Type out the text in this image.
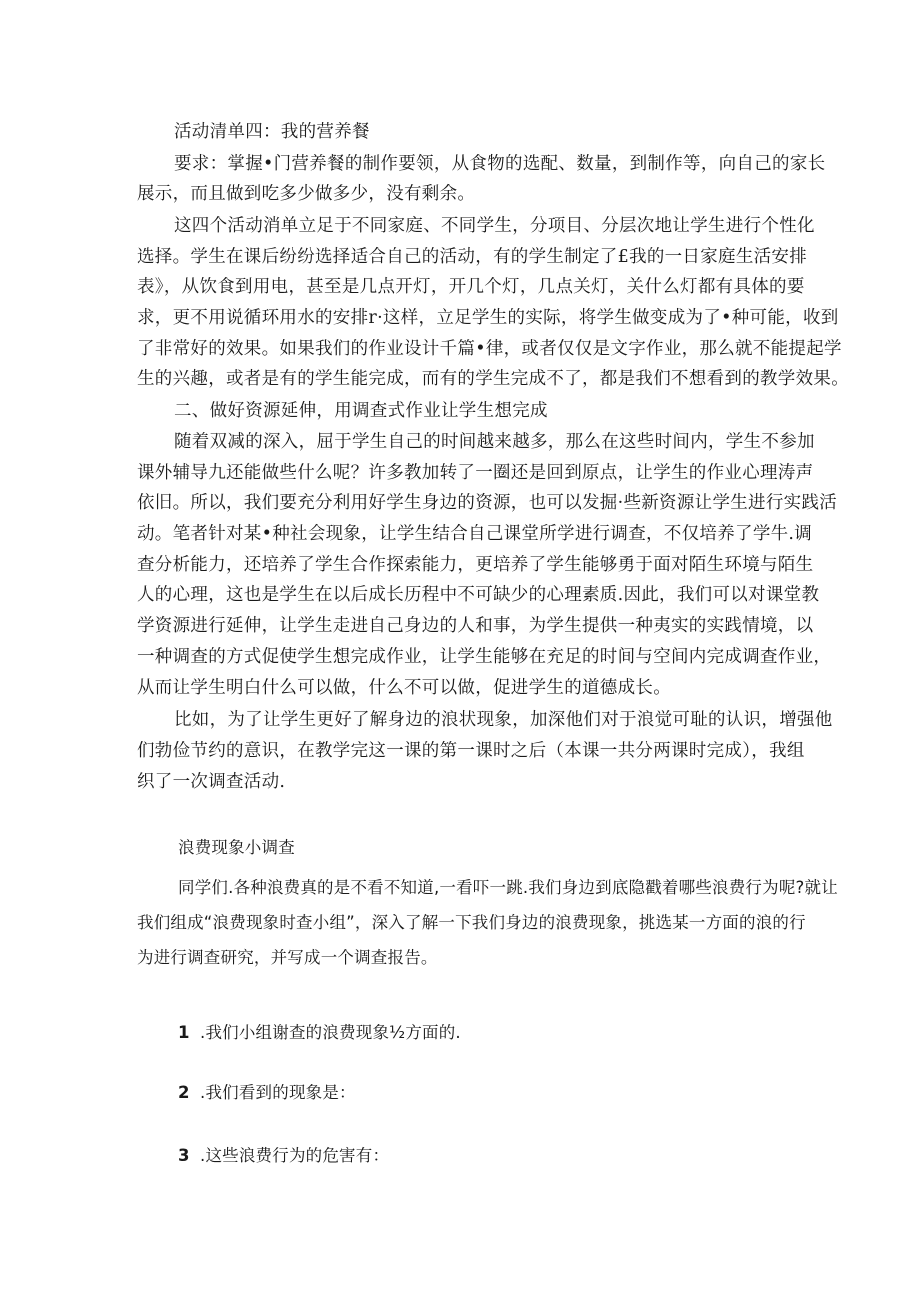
活动清单四：我的营养餐
要求：掌握•门营养餐的制作要领，从食物的选配、数量，到制作等，向自己的家长
展示，而且做到吃多少做多少，没有剩余。
这四个活动消单立足于不同家庭、不同学生，分项目、分层次地让学生进行个性化
选择。学生在课后纷纷选择适合自己的活动，有的学生制定了£我的一日家庭生活安排
表》，从饮食到用电，甚至是几点开灯，开几个灯，几点关灯，关什么灯都有具体的要
求，更不用说循环用水的安排r·这样，立足学生的实际，将学生做变成为了•种可能，收到
了非常好的效果。如果我们的作业设计千篇•律，或者仅仅是文字作业，那么就不能提起学
生的兴趣，或者是有的学生能完成，而有的学生完成不了，都是我们不想看到的教学效果。
二、做好资源延伸，用调查式作业让学生想完成
随着双减的深入，屈于学生自己的时间越来越多，那么在这些时间内，学生不参加
课外辅导九还能做些什么呢？许多教加转了一圈还是回到原点，让学生的作业心理涛声
依旧。所以，我们要充分利用好学生身边的资源，也可以发掘·些新资源让学生进行实践活
动。笔者针对某•种社会现象，让学生结合自己课堂所学进行调查，不仅培养了学牛.调
查分析能力，还培养了学生合作探索能力，更培养了学生能够勇于面对陌生环境与陌生
人的心理，这也是学生在以后成长历程中不可缺少的心理素质.因此，我们可以对课堂教
学资源进行延伸，让学生走进自己身边的人和事，为学生提供一种夷实的实践情境，以
一种调查的方式促使学生想完成作业，让学生能够在充足的时间与空间内完成调查作业，
从而让学生明白什么可以做，什么不可以做，促进学生的道德成长。
比如，为了让学生更好了解身边的浪状现象，加深他们对于浪觉可耻的认识，增强他
们勃俭节约的意识，在教学完这一课的第一课时之后（本课一共分两课时完成），我组
织了一次调查活动.
浪费现象小调查
同学们.各种浪费真的是不看不知道,一看吓一跳.我们身边到底隐戳着哪些浪费行为呢?就让
我们组成“浪费现象时查小组”，深入了解一下我们身边的浪费现象，挑选某一方面的浪的行
为进行调查研究，并写成一个调查报告。
1 .我们小组谢查的浪费现象½方面的.
2 .我们看到的现象是：
3 .这些浪费行为的危害有：
